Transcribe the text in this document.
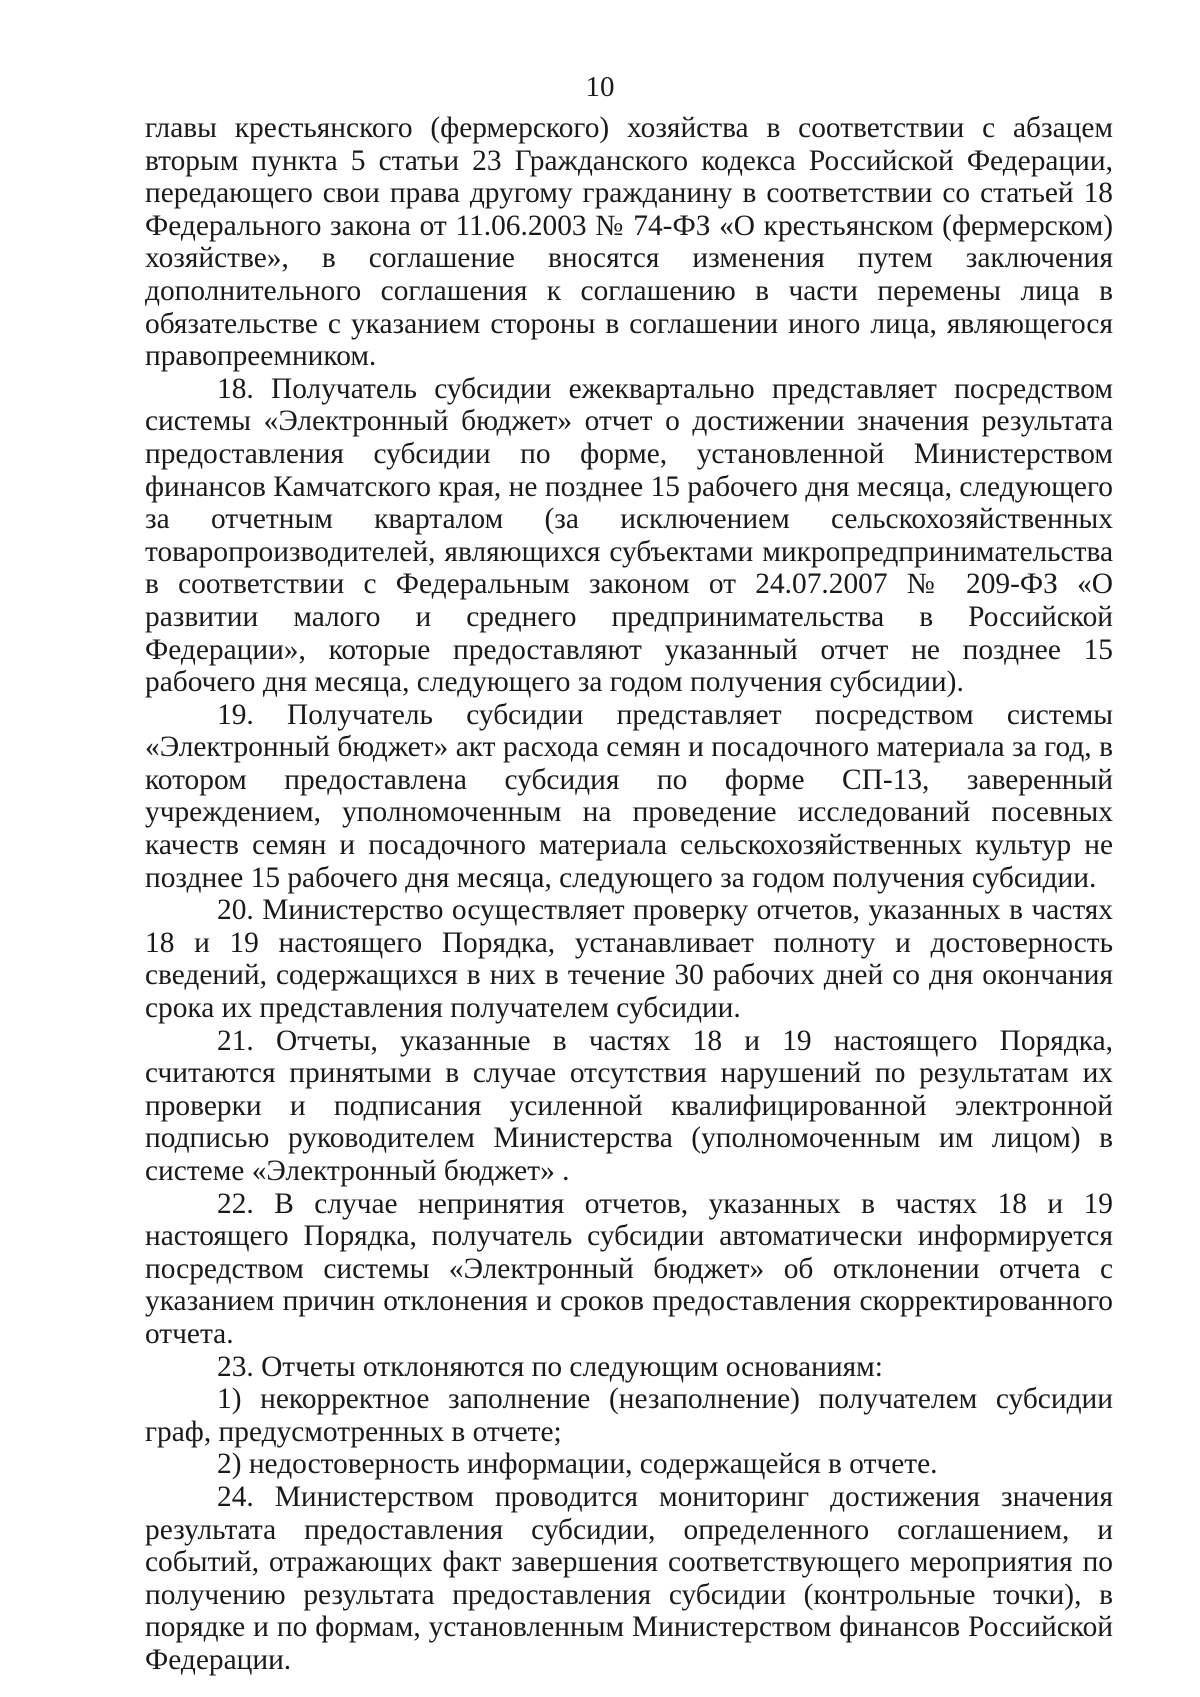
10

главы крестьянского (фермерского) хозяйства в соответствии с абзацем вторым пункта 5 статьи 23 Гражданского кодекса Российской Федерации, передающего свои права другому гражданину в соответствии со статьей 18 Федерального закона от 11.06.2003 № 74-ФЗ «О крестьянском (фермерском) хозяйстве», в соглашение вносятся изменения путем заключения дополнительного соглашения к соглашению в части перемены лица в обязательстве с указанием стороны в соглашении иного лица, являющегося правопреемником.

18. Получатель субсидии ежеквартально представляет посредством системы «Электронный бюджет» отчет о достижении значения результата предоставления субсидии по форме, установленной Министерством финансов Камчатского края, не позднее 15 рабочего дня месяца, следующего за отчетным кварталом (за исключением сельскохозяйственных товаропроизводителей, являющихся субъектами микропредпринимательства в соответствии с Федеральным законом от 24.07.2007 № 209-ФЗ «О развитии малого и среднего предпринимательства в Российской Федерации», которые предоставляют указанный отчет не позднее 15 рабочего дня месяца, следующего за годом получения субсидии).

19. Получатель субсидии представляет посредством системы «Электронный бюджет» акт расхода семян и посадочного материала за год, в котором предоставлена субсидия по форме СП-13, заверенный учреждением, уполномоченным на проведение исследований посевных качеств семян и посадочного материала сельскохозяйственных культур не позднее 15 рабочего дня месяца, следующего за годом получения субсидии.

20. Министерство осуществляет проверку отчетов, указанных в частях 18 и 19 настоящего Порядка, устанавливает полноту и достоверность сведений, содержащихся в них в течение 30 рабочих дней со дня окончания срока их представления получателем субсидии.

21. Отчеты, указанные в частях 18 и 19 настоящего Порядка, считаются принятыми в случае отсутствия нарушений по результатам их проверки и подписания усиленной квалифицированной электронной подписью руководителем Министерства (уполномоченным им лицом) в системе «Электронный бюджет» .

22. В случае непринятия отчетов, указанных в частях 18 и 19 настоящего Порядка, получатель субсидии автоматически информируется посредством системы «Электронный бюджет» об отклонении отчета с указанием причин отклонения и сроков предоставления скорректированного отчета.

23. Отчеты отклоняются по следующим основаниям:

1) некорректное заполнение (незаполнение) получателем субсидии граф, предусмотренных в отчете;

2) недостоверность информации, содержащейся в отчете.

24. Министерством проводится мониторинг достижения значения результата предоставления субсидии, определенного соглашением, и событий, отражающих факт завершения соответствующего мероприятия по получению результата предоставления субсидии (контрольные точки), в порядке и по формам, установленным Министерством финансов Российской Федерации.
